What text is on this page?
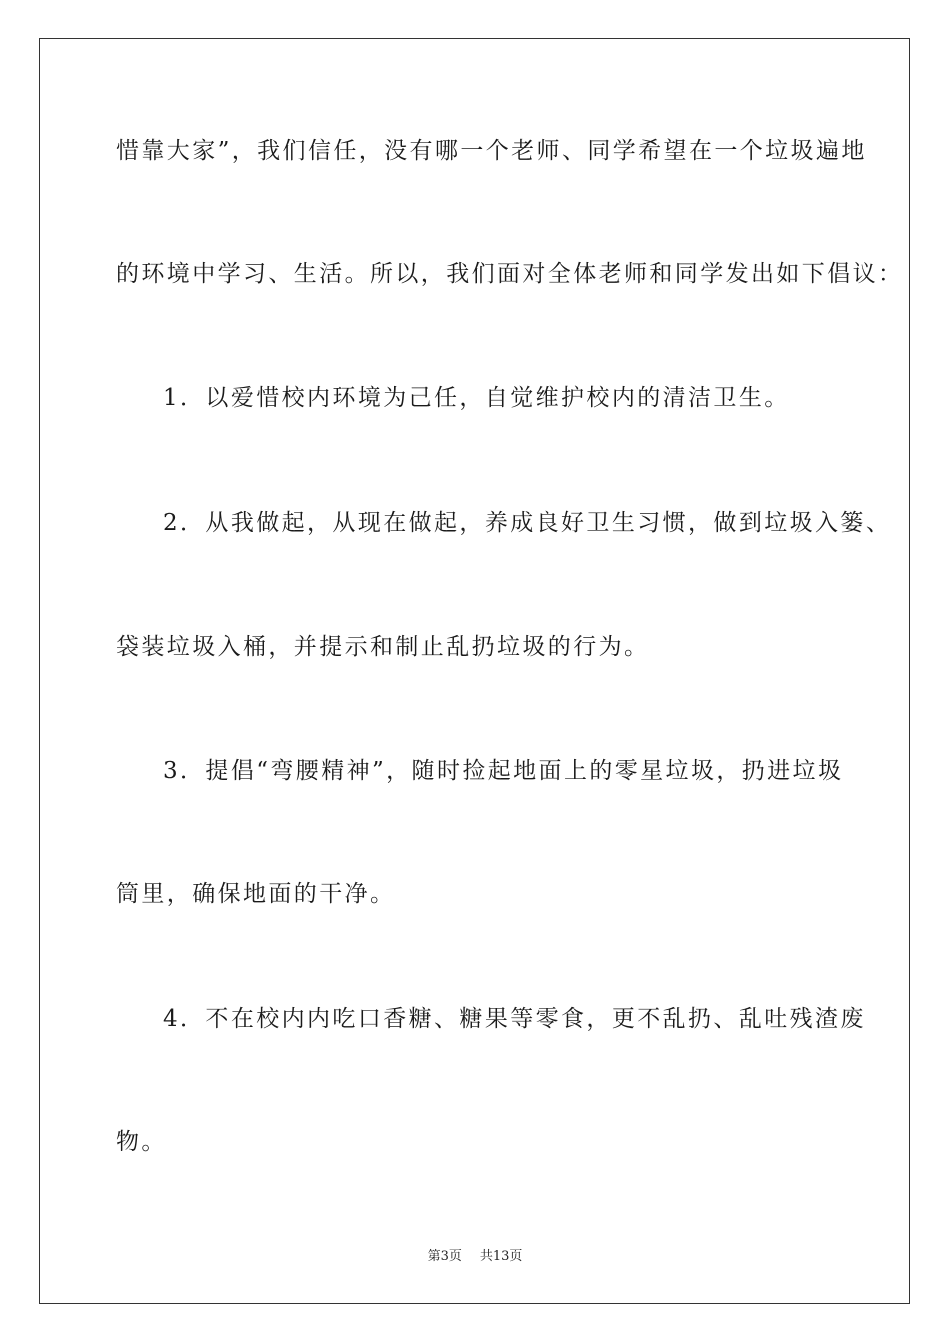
惜靠大家”，我们信任，没有哪一个老师、同学希望在一个垃圾遍地
的环境中学习、生活。所以，我们面对全体老师和同学发出如下倡议：
1．以爱惜校内环境为己任，自觉维护校内的清洁卫生。
2．从我做起，从现在做起，养成良好卫生习惯，做到垃圾入篓、
袋装垃圾入桶，并提示和制止乱扔垃圾的行为。
3．提倡“弯腰精神”，随时捡起地面上的零星垃圾，扔进垃圾
筒里，确保地面的干净。
4．不在校内内吃口香糖、糖果等零食，更不乱扔、乱吐残渣废
物。
第3页 共13页
